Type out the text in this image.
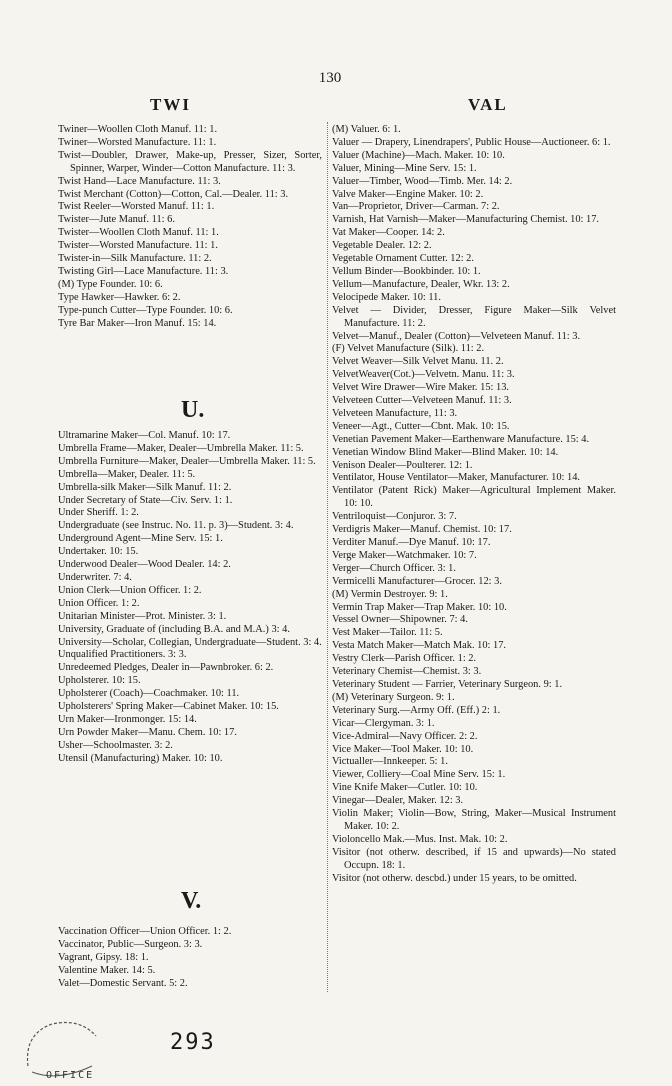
130
TWI	VAL

Twiner—Woollen Cloth Manuf. 11: 1.

Twiner—Worsted Manufacture. 11: 1.

Twist—Doubler, Drawer, Make-up, Presser, Sizer, Sorter, Spinner, Warper, Winder—Cotton Manufacture. 11: 3.

Twist Hand—Lace Manufacture. 11: 3.

Twist Merchant (Cotton)—Cotton, Cal.—Dealer. 11: 3.

Twist Reeler—Worsted Manuf. 11: 1.

Twister—Jute Manuf. 11: 6.

Twister—Woollen Cloth Manuf. 11: 1.

Twister—Worsted Manufacture. 11: 1.

Twister-in—Silk Manufacture. 11: 2.

Twisting Girl—Lace Manufacture. 11: 3.

(M) Type Founder. 10: 6.

Type Hawker—Hawker. 6: 2.

Type-punch Cutter—Type Founder. 10: 6.

Tyre Bar Maker—Iron Manuf. 15: 14.

U.

Ultramarine Maker—Col. Manuf. 10: 17.

Umbrella Frame—Maker, Dealer—Umbrella Maker. 11: 5.

Umbrella Furniture—Maker, Dealer—Umbrella Maker. 11: 5.

Umbrella—Maker, Dealer. 11: 5.

Umbrella-silk Maker—Silk Manuf. 11: 2.

Under Secretary of State—Civ. Serv. 1: 1.

Under Sheriff. 1: 2.

Undergraduate (see Instruc. No. 11. p. 3)—Student. 3: 4.

Underground Agent—Mine Serv. 15: 1.

Undertaker. 10: 15.

Underwood Dealer—Wood Dealer. 14: 2.

Underwriter. 7: 4.

Union Clerk—Union Officer. 1: 2.

Union Officer. 1: 2.

Unitarian Minister—Prot. Minister. 3: 1.

University, Graduate of (including B.A. and M.A.) 3: 4.

University—Scholar, Collegian, Undergraduate—Student. 3: 4.

Unqualified Practitioners. 3: 3.

Unredeemed Pledges, Dealer in—Pawnbroker. 6: 2.

Upholsterer. 10: 15.

Upholsterer (Coach)—Coachmaker. 10: 11.

Upholsterers' Spring Maker—Cabinet Maker. 10: 15.

Urn Maker—Ironmonger. 15: 14.

Urn Powder Maker—Manu. Chem. 10: 17.

Usher—Schoolmaster. 3: 2.

Utensil (Manufacturing) Maker. 10: 10.

V.

Vaccination Officer—Union Officer. 1: 2.

Vaccinator, Public—Surgeon. 3: 3.

Vagrant, Gipsy. 18: 1.

Valentine Maker. 14: 5.

Valet—Domestic Servant. 5: 2.

(M) Valuer. 6: 1.

Valuer — Drapery, Linendrapers', Public House—Auctioneer. 6: 1.

Valuer (Machine)—Mach. Maker. 10: 10.

Valuer, Mining—Mine Serv. 15: 1.

Valuer—Timber, Wood—Timb. Mer. 14: 2.

Valve Maker—Engine Maker. 10: 2.

Van—Proprietor, Driver—Carman. 7: 2.

Varnish, Hat Varnish—Maker—Manufacturing Chemist. 10: 17.

Vat Maker—Cooper. 14: 2.

Vegetable Dealer. 12: 2.

Vegetable Ornament Cutter. 12: 2.

Vellum Binder—Bookbinder. 10: 1.

Vellum—Manufacture, Dealer, Wkr. 13: 2.

Velocipede Maker. 10: 11.

Velvet — Divider, Dresser, Figure Maker—Silk Velvet Manufacture. 11: 2.

Velvet—Manuf., Dealer (Cotton)—Velveteen Manuf. 11: 3.

(F) Velvet Manufacture (Silk). 11: 2.

Velvet Weaver—Silk Velvet Manu. 11. 2.

VelvetWeaver(Cot.)—Velvetn. Manu. 11: 3.

Velvet Wire Drawer—Wire Maker. 15: 13.

Velveteen Cutter—Velveteen Manuf. 11: 3.

Velveteen Manufacture, 11: 3.

Veneer—Agt., Cutter—Cbnt. Mak. 10: 15.

Venetian Pavement Maker—Earthenware Manufacture. 15: 4.

Venetian Window Blind Maker—Blind Maker. 10: 14.

Venison Dealer—Poulterer. 12: 1.

Ventilator, House Ventilator—Maker, Manufacturer. 10: 14.

Ventilator (Patent Rick) Maker—Agricultural Implement Maker. 10: 10.

Ventriloquist—Conjuror. 3: 7.

Verdigris Maker—Manuf. Chemist. 10: 17.

Verditer Manuf.—Dye Manuf. 10: 17.

Verge Maker—Watchmaker. 10: 7.

Verger—Church Officer. 3: 1.

Vermicelli Manufacturer—Grocer. 12: 3.

(M) Vermin Destroyer. 9: 1.

Vermin Trap Maker—Trap Maker. 10: 10.

Vessel Owner—Shipowner. 7: 4.

Vest Maker—Tailor. 11: 5.

Vesta Match Maker—Match Mak. 10: 17.

Vestry Clerk—Parish Officer. 1: 2.

Veterinary Chemist—Chemist. 3: 3.

Veterinary Student — Farrier, Veterinary Surgeon. 9: 1.

(M) Veterinary Surgeon. 9: 1.

Veterinary Surg.—Army Off. (Eff.) 2: 1.

Vicar—Clergyman. 3: 1.

Vice-Admiral—Navy Officer. 2: 2.

Vice Maker—Tool Maker. 10: 10.

Victualler—Innkeeper. 5: 1.

Viewer, Colliery—Coal Mine Serv. 15: 1.

Vine Knife Maker—Cutler. 10: 10.

Vinegar—Dealer, Maker. 12: 3.

Violin Maker; Violin—Bow, String, Maker—Musical Instrument Maker. 10: 2.

Violoncello Mak.—Mus. Inst. Mak. 10: 2.

Visitor (not otherw. described, if 15 and upwards)—No stated Occupn. 18: 1.

Visitor (not otherw. descbd.) under 15 years, to be omitted.

OFFICE
293
